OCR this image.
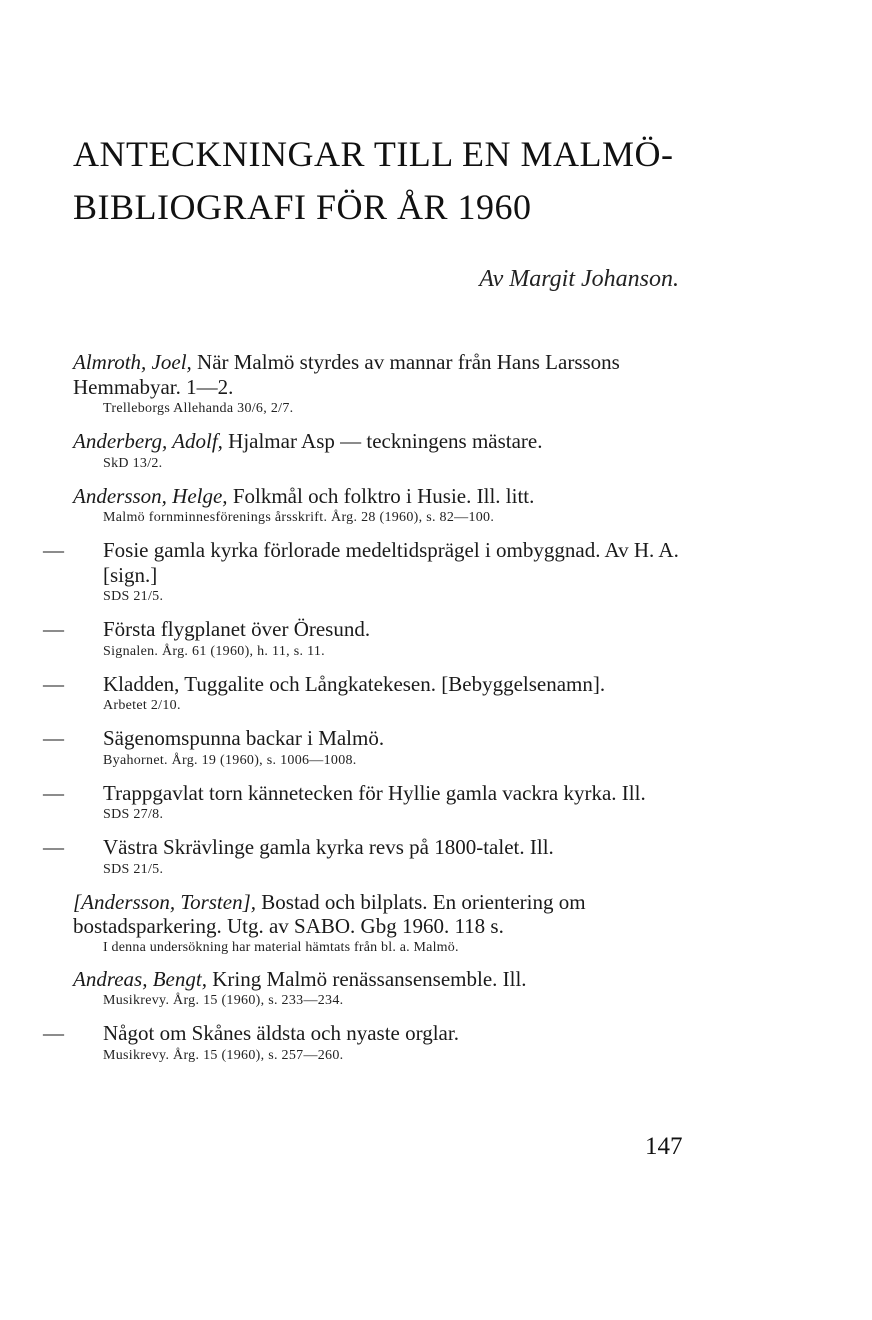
ANTECKNINGAR TILL EN MALMÖ-
BIBLIOGRAFI FÖR ÅR 1960
Av Margit Johanson.

Almroth, Joel, När Malmö styrdes av mannar från Hans Larssons Hemmabyar. 1—2.

Trelleborgs Allehanda 30/6, 2/7.

Anderberg, Adolf, Hjalmar Asp — teckningens mästare.

SkD 13/2.

Andersson, Helge, Folkmål och folktro i Husie. Ill. litt.

Malmö fornminnesförenings årsskrift. Årg. 28 (1960), s. 82—100.

— Fosie gamla kyrka förlorade medeltidsprägel i ombyggnad. Av H. A. [sign.]

SDS 21/5.

— Första flygplanet över Öresund.

Signalen. Årg. 61 (1960), h. 11, s. 11.

— Kladden, Tuggalite och Långkatekesen. [Bebyggelsenamn].

Arbetet 2/10.

— Sägenomspunna backar i Malmö.

Byahornet. Årg. 19 (1960), s. 1006—1008.

— Trappgavlat torn kännetecken för Hyllie gamla vackra kyrka. Ill.

SDS 27/8.

— Västra Skrävlinge gamla kyrka revs på 1800-talet. Ill.

SDS 21/5.

[Andersson, Torsten], Bostad och bilplats. En orientering om bostadsparkering. Utg. av SABO. Gbg 1960. 118 s.

I denna undersökning har material hämtats från bl. a. Malmö.

Andreas, Bengt, Kring Malmö renässansensemble. Ill.

Musikrevy. Årg. 15 (1960), s. 233—234.

— Något om Skånes äldsta och nyaste orglar.

Musikrevy. Årg. 15 (1960), s. 257—260.

147
